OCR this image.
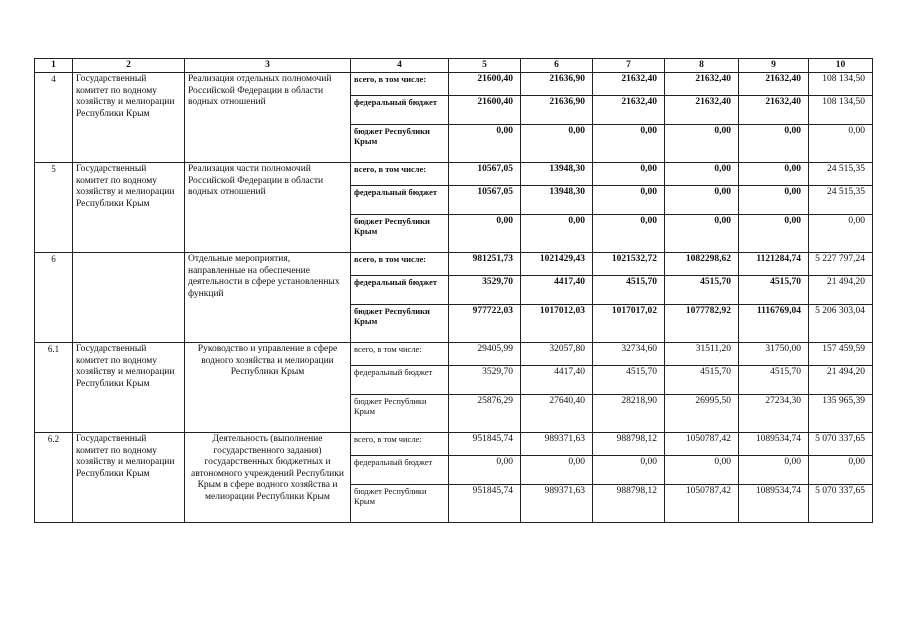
1	2	3	4	5	6	7	8	9	10
4	Государственный комитет по водному хозяйству и мелиорации Республики Крым	Реализация отдельных полномочий Российской Федерации в области водных отношений	всего, в том числе:	21600,40	21636,90	21632,40	21632,40	21632,40	108 134,50
			федеральный бюджет	21600,40	21636,90	21632,40	21632,40	21632,40	108 134,50
			бюджет Республики Крым	0,00	0,00	0,00	0,00	0,00	0,00
5	Государственный комитет по водному хозяйству и мелиорации Республики Крым	Реализация части полномочий Российской Федерации в области водных отношений	всего, в том числе:	10567,05	13948,30	0,00	0,00	0,00	24 515,35
			федеральный бюджет	10567,05	13948,30	0,00	0,00	0,00	24 515,35
			бюджет Республики Крым	0,00	0,00	0,00	0,00	0,00	0,00
6		Отдельные мероприятия, направленные на обеспечение деятельности в сфере установленных функций	всего, в том числе:	981251,73	1021429,43	1021532,72	1082298,62	1121284,74	5 227 797,24
			федеральный бюджет	3529,70	4417,40	4515,70	4515,70	4515,70	21 494,20
			бюджет Республики Крым	977722,03	1017012,03	1017017,02	1077782,92	1116769,04	5 206 303,04
6.1	Государственный комитет по водному хозяйству и мелиорации Республики Крым	Руководство и управление в сфере водного хозяйства и мелиорации Республики Крым	всего, в том числе:	29405,99	32057,80	32734,60	31511,20	31750,00	157 459,59
			федеральный бюджет	3529,70	4417,40	4515,70	4515,70	4515,70	21 494,20
			бюджет Республики Крым	25876,29	27640,40	28218,90	26995,50	27234,30	135 965,39
6.2	Государственный комитет по водному хозяйству и мелиорации Республики Крым	Деятельность (выполнение государственного задания) государственных бюджетных и автономного учреждений Республики Крым в сфере водного хозяйства и мелиорации Республики Крым	всего, в том числе:	951845,74	989371,63	988798,12	1050787,42	1089534,74	5 070 337,65
			федеральный бюджет	0,00	0,00	0,00	0,00	0,00	0,00
			бюджет Республики Крым	951845,74	989371,63	988798,12	1050787,42	1089534,74	5 070 337,65
